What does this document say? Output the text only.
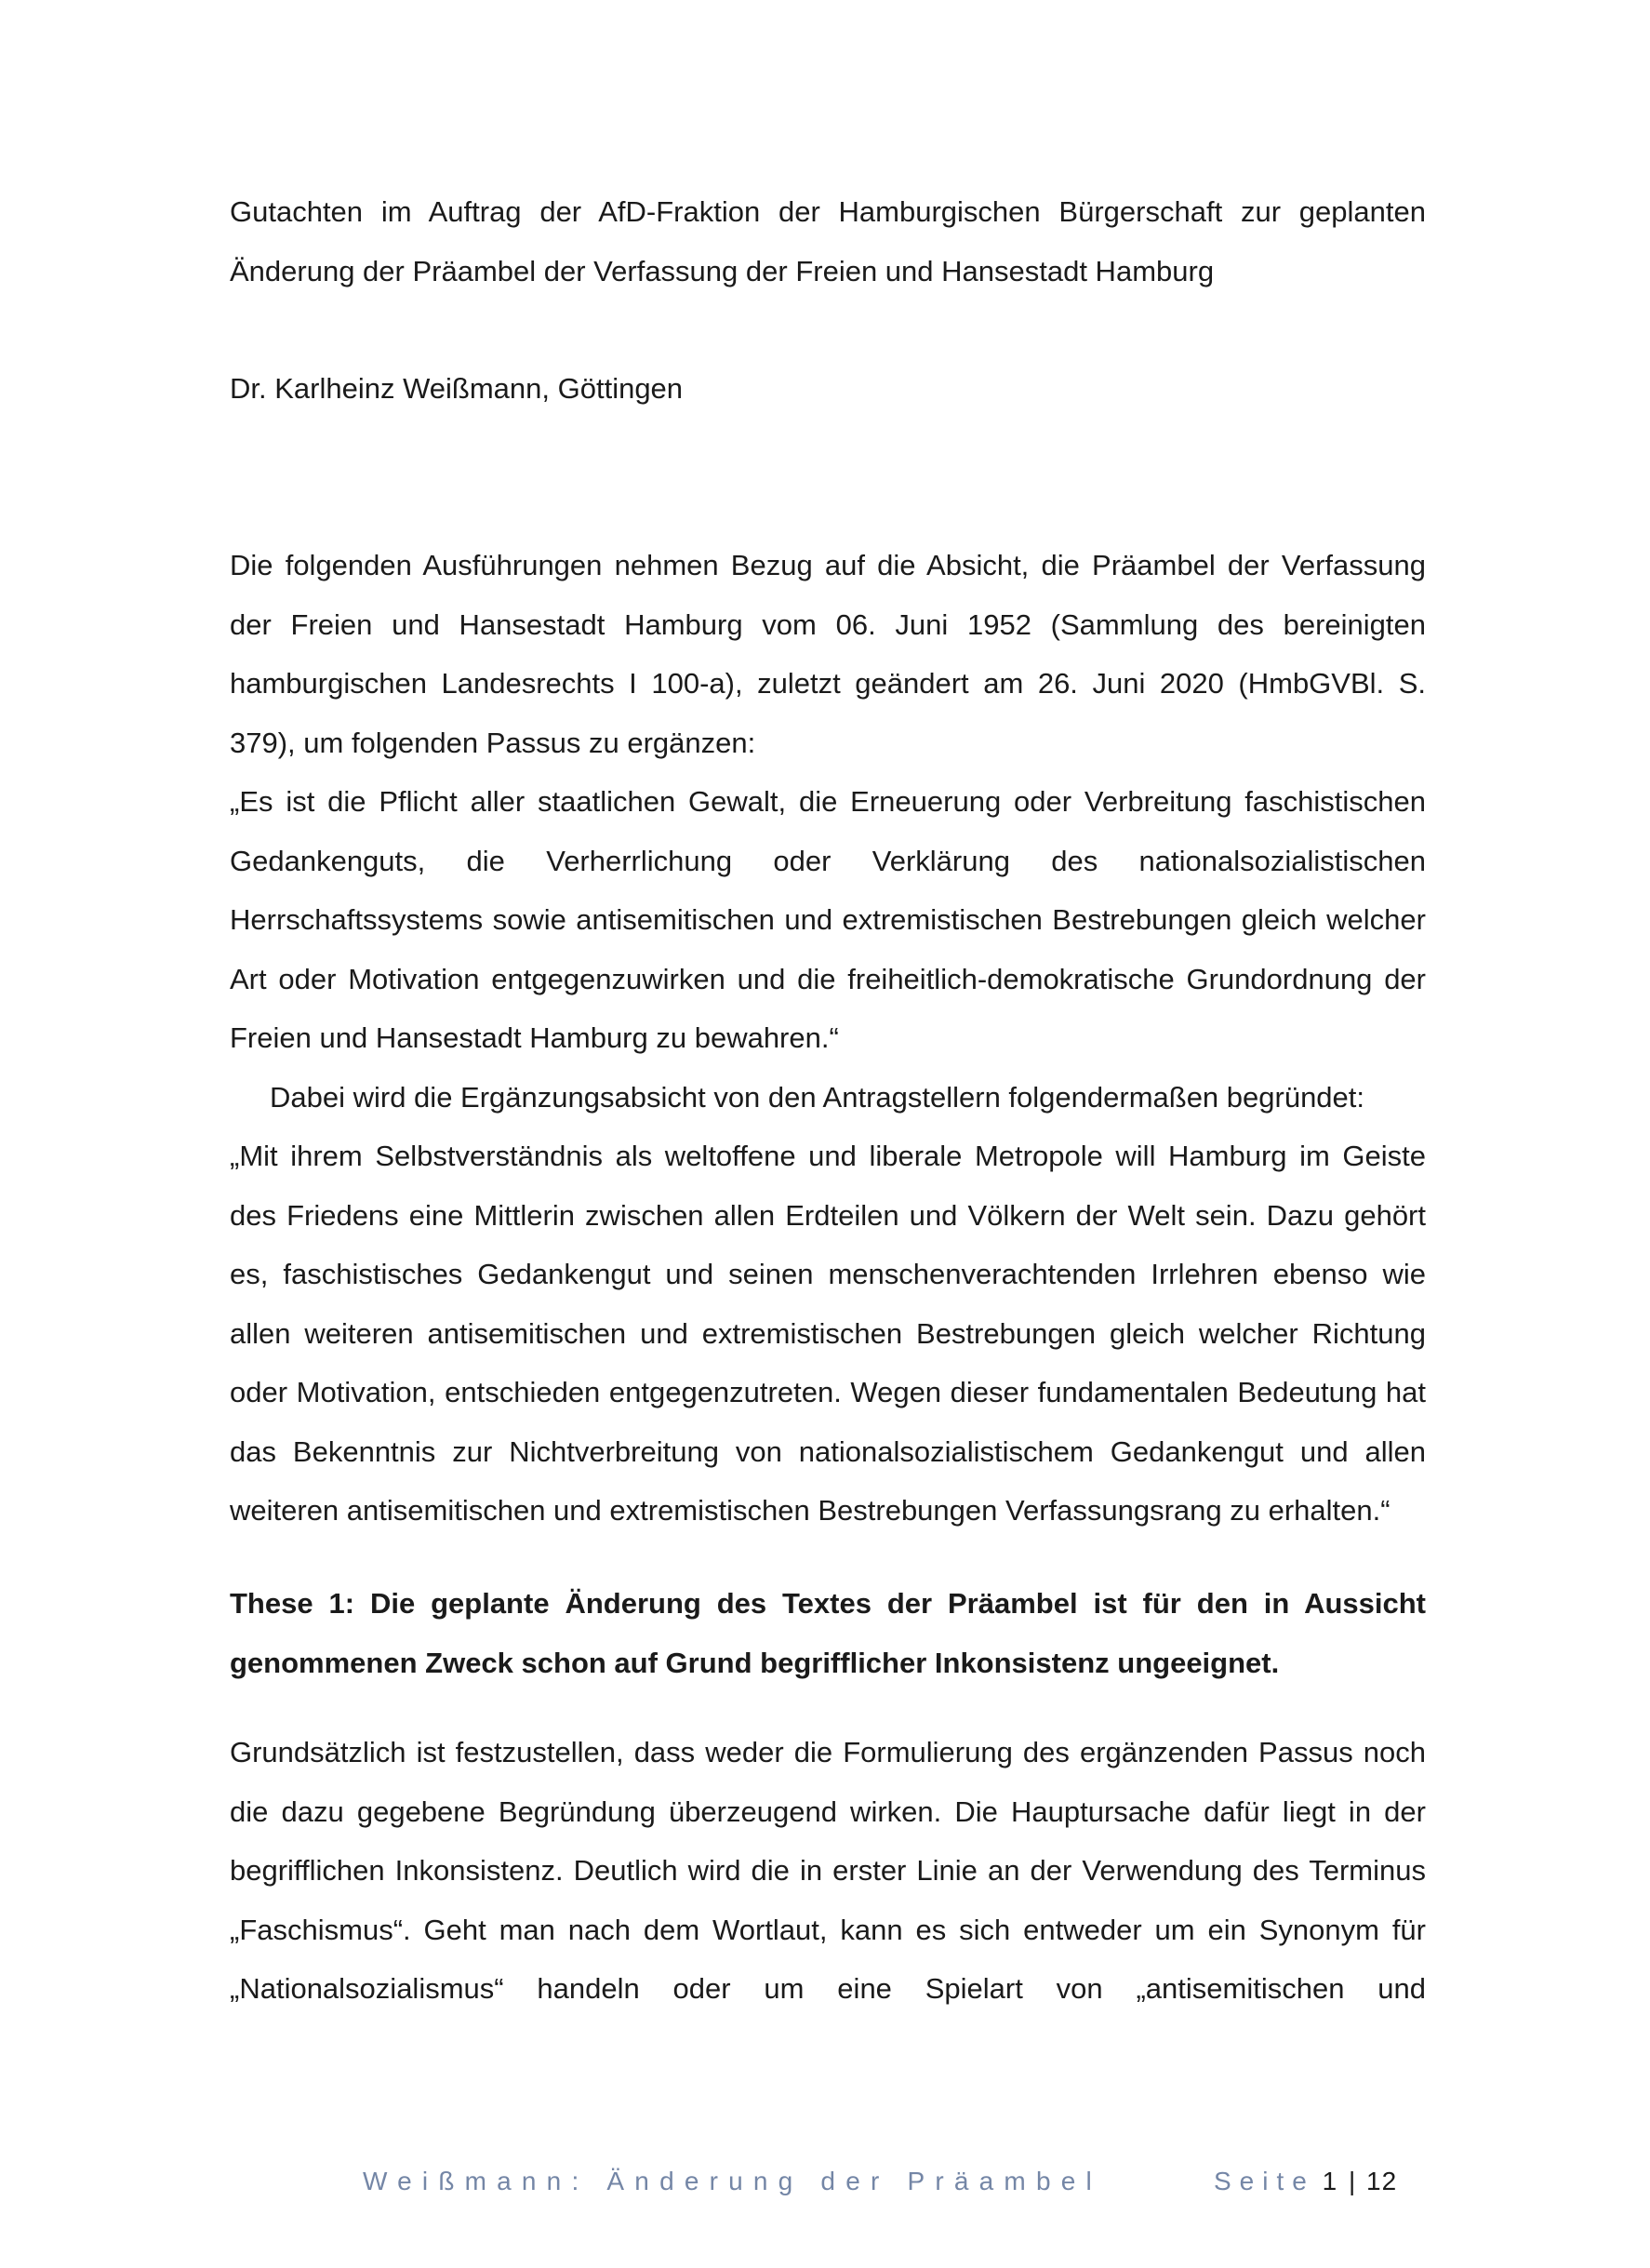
Gutachten im Auftrag der AfD-Fraktion der Hamburgischen Bürgerschaft zur geplanten Änderung der Präambel der Verfassung der Freien und Hansestadt Hamburg
Dr. Karlheinz Weißmann, Göttingen

Die folgenden Ausführungen nehmen Bezug auf die Absicht, die Präambel der Verfassung der Freien und Hansestadt Hamburg vom 06. Juni 1952 (Sammlung des bereinigten hamburgischen Landesrechts I 100-a), zuletzt geändert am 26. Juni 2020 (HmbGVBl. S. 379), um folgenden Passus zu ergänzen:

„Es ist die Pflicht aller staatlichen Gewalt, die Erneuerung oder Verbreitung faschistischen Gedankenguts, die Verherrlichung oder Verklärung des nationalsozialistischen Herrschaftssystems sowie antisemitischen und extremistischen Bestrebungen gleich welcher Art oder Motivation entgegenzuwirken und die freiheitlich-demokratische Grundordnung der Freien und Hansestadt Hamburg zu bewahren.“

Dabei wird die Ergänzungsabsicht von den Antragstellern folgendermaßen begründet:

„Mit ihrem Selbstverständnis als weltoffene und liberale Metropole will Hamburg im Geiste des Friedens eine Mittlerin zwischen allen Erdteilen und Völkern der Welt sein. Dazu gehört es, faschistisches Gedankengut und seinen menschenverachtenden Irrlehren ebenso wie allen weiteren antisemitischen und extremistischen Bestrebungen gleich welcher Richtung oder Motivation, entschieden entgegenzutreten. Wegen dieser fundamentalen Bedeutung hat das Bekenntnis zur Nichtverbreitung von nationalsozialistischem Gedankengut und allen weiteren antisemitischen und extremistischen Bestrebungen Verfassungsrang zu erhalten.“

These 1: Die geplante Änderung des Textes der Präambel ist für den in Aussicht genommenen Zweck schon auf Grund begrifflicher Inkonsistenz ungeeignet.
Grundsätzlich ist festzustellen, dass weder die Formulierung des ergänzenden Passus noch die dazu gegebene Begründung überzeugend wirken. Die Hauptursache dafür liegt in der begrifflichen Inkonsistenz. Deutlich wird die in erster Linie an der Verwendung des Terminus „Faschismus“. Geht man nach dem Wortlaut, kann es sich entweder um ein Synonym für „Nationalsozialismus“ handeln oder um eine Spielart von „antisemitischen und
Weißmann: Änderung der Präambel	Seite 1 | 12
